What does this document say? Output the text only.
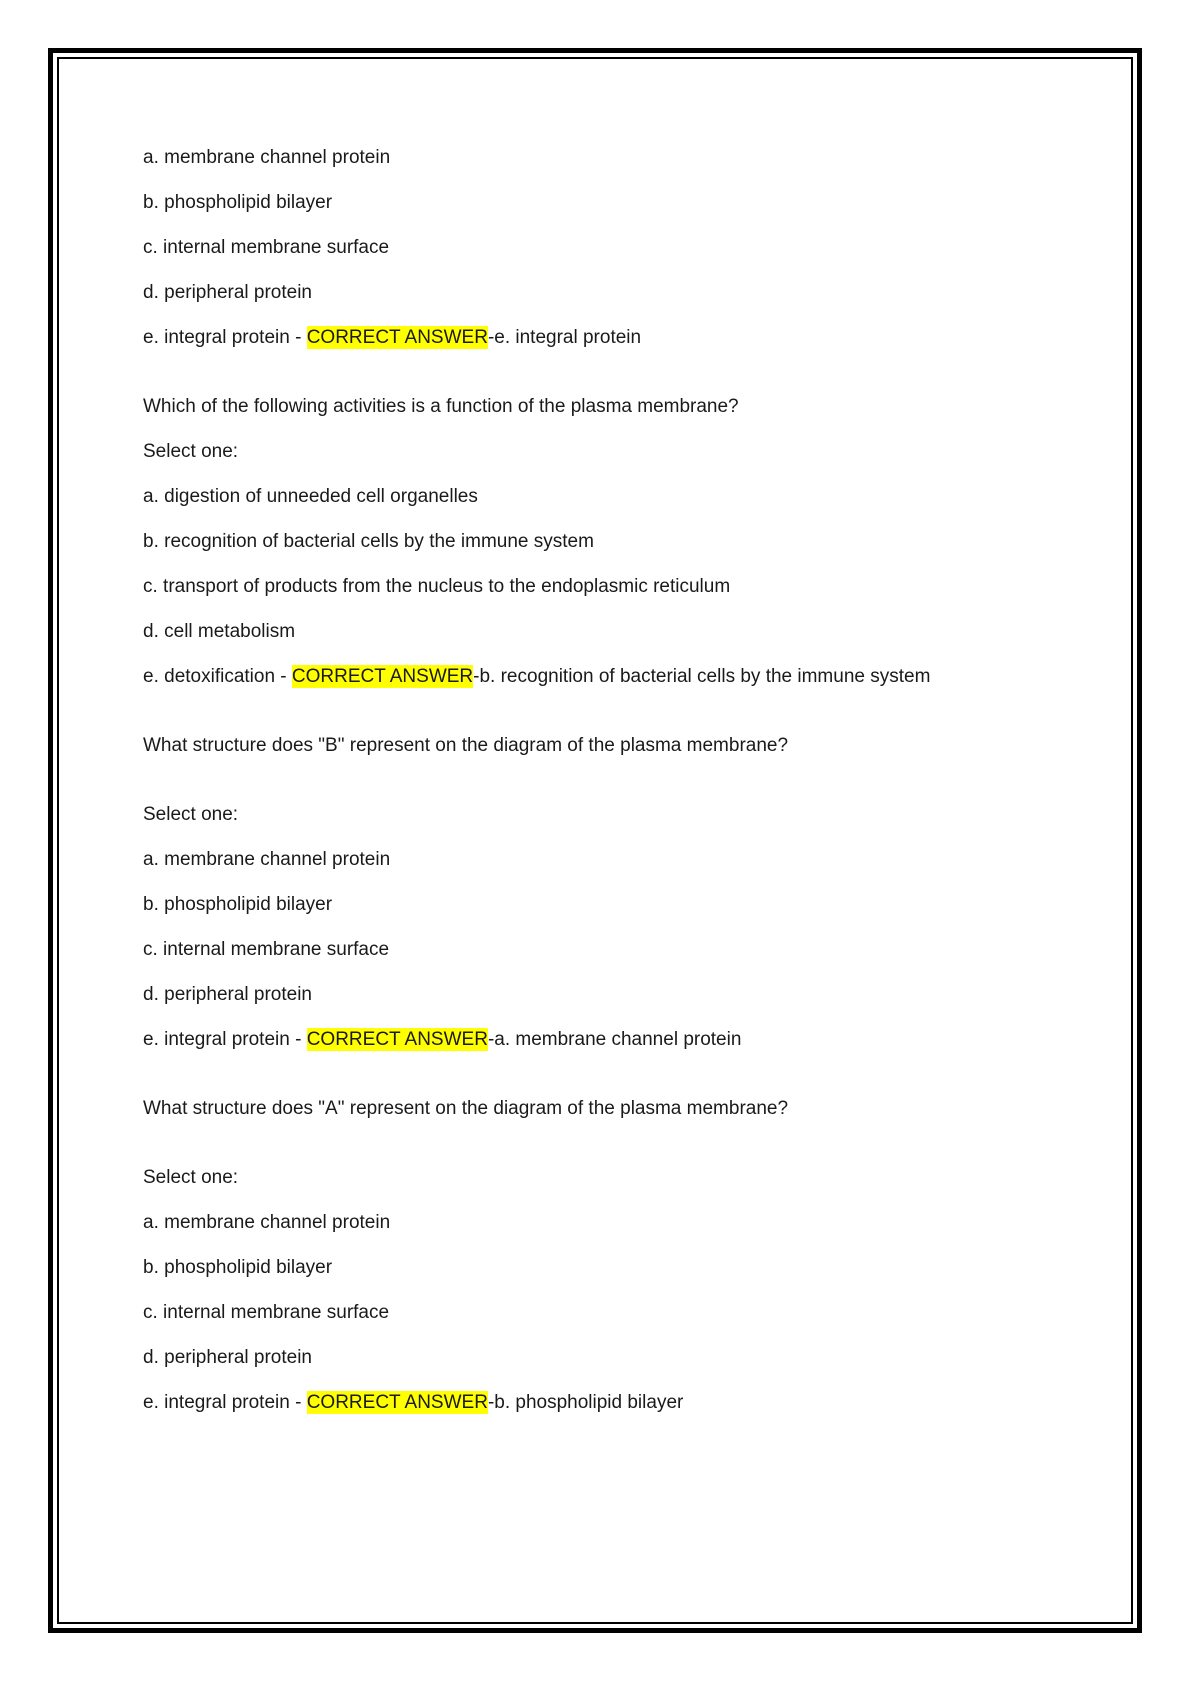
a. membrane channel protein
b. phospholipid bilayer
c. internal membrane surface
d. peripheral protein
e. integral protein - CORRECT ANSWER-e. integral protein
Which of the following activities is a function of the plasma membrane?
Select one:
a. digestion of unneeded cell organelles
b. recognition of bacterial cells by the immune system
c. transport of products from the nucleus to the endoplasmic reticulum
d. cell metabolism
e. detoxification - CORRECT ANSWER-b. recognition of bacterial cells by the immune system
What structure does "B" represent on the diagram of the plasma membrane?
Select one:
a. membrane channel protein
b. phospholipid bilayer
c. internal membrane surface
d. peripheral protein
e. integral protein - CORRECT ANSWER-a. membrane channel protein
What structure does "A" represent on the diagram of the plasma membrane?
Select one:
a. membrane channel protein
b. phospholipid bilayer
c. internal membrane surface
d. peripheral protein
e. integral protein - CORRECT ANSWER-b. phospholipid bilayer
